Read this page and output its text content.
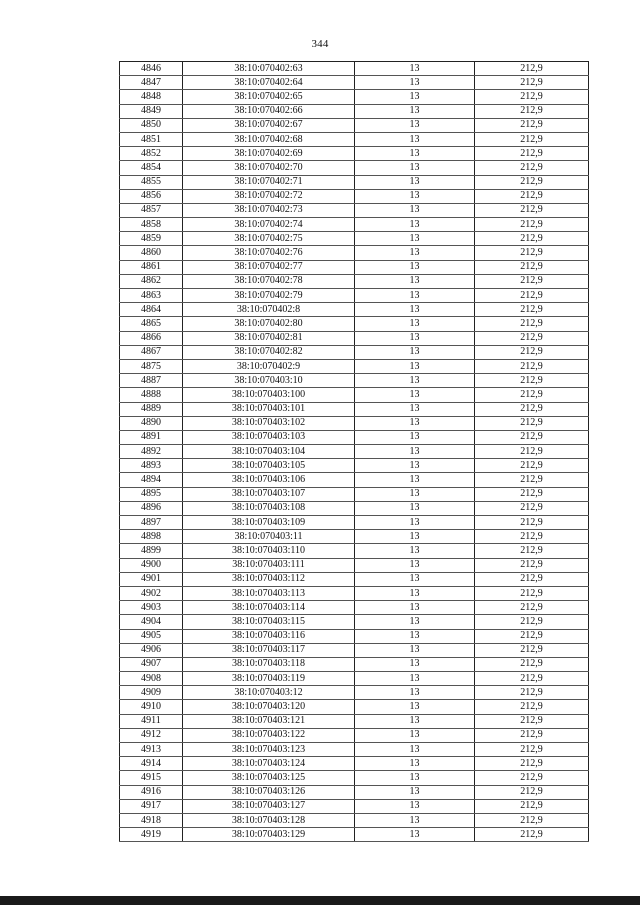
344
4846	38:10:070402:63	13	212,9
4847	38:10:070402:64	13	212,9
4848	38:10:070402:65	13	212,9
4849	38:10:070402:66	13	212,9
4850	38:10:070402:67	13	212,9
4851	38:10:070402:68	13	212,9
4852	38:10:070402:69	13	212,9
4854	38:10:070402:70	13	212,9
4855	38:10:070402:71	13	212,9
4856	38:10:070402:72	13	212,9
4857	38:10:070402:73	13	212,9
4858	38:10:070402:74	13	212,9
4859	38:10:070402:75	13	212,9
4860	38:10:070402:76	13	212,9
4861	38:10:070402:77	13	212,9
4862	38:10:070402:78	13	212,9
4863	38:10:070402:79	13	212,9
4864	38:10:070402:8	13	212,9
4865	38:10:070402:80	13	212,9
4866	38:10:070402:81	13	212,9
4867	38:10:070402:82	13	212,9
4875	38:10:070402:9	13	212,9
4887	38:10:070403:10	13	212,9
4888	38:10:070403:100	13	212,9
4889	38:10:070403:101	13	212,9
4890	38:10:070403:102	13	212,9
4891	38:10:070403:103	13	212,9
4892	38:10:070403:104	13	212,9
4893	38:10:070403:105	13	212,9
4894	38:10:070403:106	13	212,9
4895	38:10:070403:107	13	212,9
4896	38:10:070403:108	13	212,9
4897	38:10:070403:109	13	212,9
4898	38:10:070403:11	13	212,9
4899	38:10:070403:110	13	212,9
4900	38:10:070403:111	13	212,9
4901	38:10:070403:112	13	212,9
4902	38:10:070403:113	13	212,9
4903	38:10:070403:114	13	212,9
4904	38:10:070403:115	13	212,9
4905	38:10:070403:116	13	212,9
4906	38:10:070403:117	13	212,9
4907	38:10:070403:118	13	212,9
4908	38:10:070403:119	13	212,9
4909	38:10:070403:12	13	212,9
4910	38:10:070403:120	13	212,9
4911	38:10:070403:121	13	212,9
4912	38:10:070403:122	13	212,9
4913	38:10:070403:123	13	212,9
4914	38:10:070403:124	13	212,9
4915	38:10:070403:125	13	212,9
4916	38:10:070403:126	13	212,9
4917	38:10:070403:127	13	212,9
4918	38:10:070403:128	13	212,9
4919	38:10:070403:129	13	212,9
